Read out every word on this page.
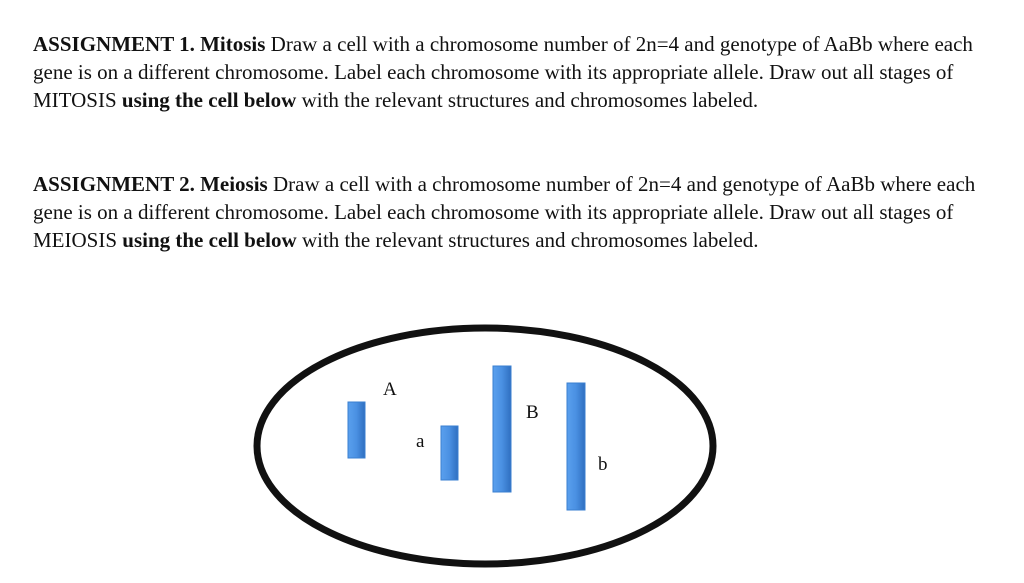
ASSIGNMENT 1. Mitosis Draw a cell with a chromosome number of 2n=4 and genotype of AaBb where each gene is on a different chromosome. Label each chromosome with its appropriate allele. Draw out all stages of MITOSIS using the cell below with the relevant structures and chromosomes labeled.

ASSIGNMENT 2. Meiosis Draw a cell with a chromosome number of 2n=4 and genotype of AaBb where each gene is on a different chromosome. Label each chromosome with its appropriate allele. Draw out all stages of MEIOSIS using the cell below with the relevant structures and chromosomes labeled.

A
a
B
b
